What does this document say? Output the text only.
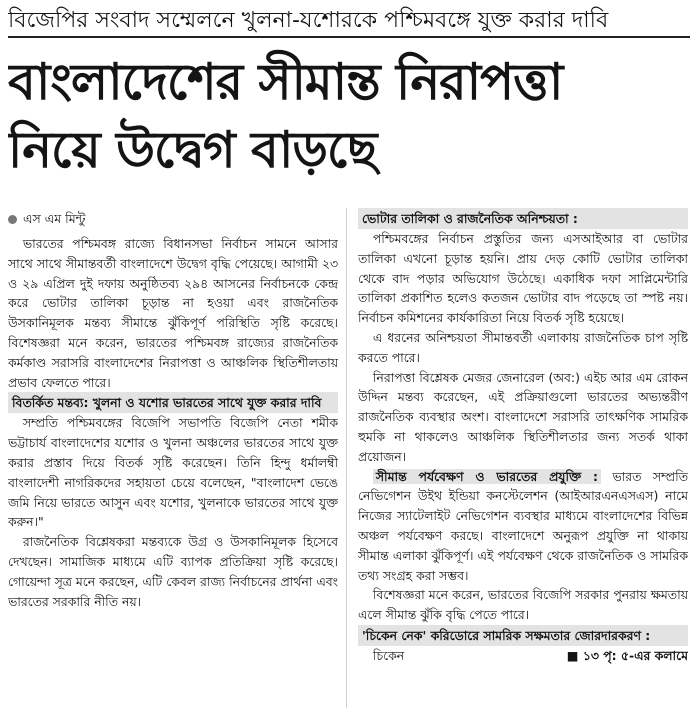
বিজেপির সংবাদ সম্মেলনে খুলনা-যশোরকে পশ্চিমবঙ্গে যুক্ত করার দাবি
বাংলাদেশের সীমান্ত নিরাপত্তা
নিয়ে উদ্বেগ বাড়ছে
এস এম মিন্টু

ভারতের পশ্চিমবঙ্গ রাজ্যে বিধানসভা নির্বাচন সামনে আসার সাথে সাথে সীমান্তবর্তী বাংলাদেশে উদ্বেগ বৃদ্ধি পেয়েছে। আগামী ২৩ ও ২৯ এপ্রিল দুই দফায় অনুষ্ঠিতব্য ২৯৪ আসনের নির্বাচনকে কেন্দ্র করে ভোটার তালিকা চূড়ান্ত না হওয়া এবং রাজনৈতিক উসকানিমূলক মন্তব্য সীমান্তে ঝুঁকিপূর্ণ পরিস্থিতি সৃষ্টি করেছে। বিশেষজ্ঞরা মনে করেন, ভারতের পশ্চিমবঙ্গ রাজ্যের রাজনৈতিক কর্মকাণ্ড সরাসরি বাংলাদেশের নিরাপত্তা ও আঞ্চলিক স্থিতিশীলতায় প্রভাব ফেলতে পারে।

বিতর্কিত মন্তব্য: খুলনা ও যশোর ভারতের সাথে যুক্ত করার দাবি

সম্প্রতি পশ্চিমবঙ্গের বিজেপি সভাপতি বিজেপি নেতা শমীক ভট্টাচার্য বাংলাদেশের যশোর ও খুলনা অঞ্চলের ভারতের সাথে যুক্ত করার প্রস্তাব দিয়ে বিতর্ক সৃষ্টি করেছেন। তিনি হিন্দু ধর্মালম্বী বাংলাদেশী নাগরিকদের সহায়তা চেয়ে বলেছেন, "বাংলাদেশ ভেঙে জমি নিয়ে ভারতে আসুন এবং যশোর, খুলনাকে ভারতের সাথে যুক্ত করুন।"

রাজনৈতিক বিশ্লেষকরা মন্তব্যকে উগ্র ও উসকানিমূলক হিসেবে দেখছেন। সামাজিক মাধ্যমে এটি ব্যাপক প্রতিক্রিয়া সৃষ্টি করেছে। গোয়েন্দা সূত্র মনে করছেন, এটি কেবল রাজ্য নির্বাচনের প্রার্থনা এবং ভারতের সরকারি নীতি নয়।

ভোটার তালিকা ও রাজনৈতিক অনিশ্চয়তা :

পশ্চিমবঙ্গের নির্বাচন প্রস্তুতির জন্য এসআইআর বা ভোটার তালিকা এখনো চূড়ান্ত হয়নি। প্রায় দেড় কোটি ভোটার তালিকা থেকে বাদ পড়ার অভিযোগ উঠেছে। একাধিক দফা সাপ্লিমেন্টারি তালিকা প্রকাশিত হলেও কতজন ভোটার বাদ পড়েছে তা স্পষ্ট নয়। নির্বাচন কমিশনের কার্যকারিতা নিয়ে বিতর্ক সৃষ্টি হয়েছে।

এ ধরনের অনিশ্চয়তা সীমান্তবর্তী এলাকায় রাজনৈতিক চাপ সৃষ্টি করতে পারে।

নিরাপত্তা বিশ্লেষক মেজর জেনারেল (অব:) এইচ আর এম রোকন উদ্দিন মন্তব্য করেছেন, এই প্রক্রিয়াগুলো ভারতের অভ্যন্তরীণ রাজনৈতিক ব্যবস্থার অংশ। বাংলাদেশে সরাসরি তাৎক্ষণিক সামরিক হুমকি না থাকলেও আঞ্চলিক স্থিতিশীলতার জন্য সতর্ক থাকা প্রয়োজন।

সীমান্ত পর্যবেক্ষণ ও ভারতের প্রযুক্তি : ভারত সম্প্রতি নেভিগেশন উইথ ইন্ডিয়া কনস্টেলেশন (আইআরএনএসএস) নামে নিজের স্যাটেলাইট নেভিগেশন ব্যবস্থার মাধ্যমে বাংলাদেশের বিভিন্ন অঞ্চল পর্যবেক্ষণ করছে। বাংলাদেশে অনুরূপ প্রযুক্তি না থাকায় সীমান্ত এলাকা ঝুঁকিপূর্ণ। এই পর্যবেক্ষণ থেকে রাজনৈতিক ও সামরিক তথ্য সংগ্রহ করা সম্ভব।

বিশেষজ্ঞরা মনে করেন, ভারতের বিজেপি সরকার পুনরায় ক্ষমতায় এলে সীমান্ত ঝুঁকি বৃদ্ধি পেতে পারে।

'চিকেন নেক' করিডোরে সামরিক সক্ষমতার জোরদারকরণ :

চিকেন	■ ১৩ পৃ: ৫-এর কলামে
